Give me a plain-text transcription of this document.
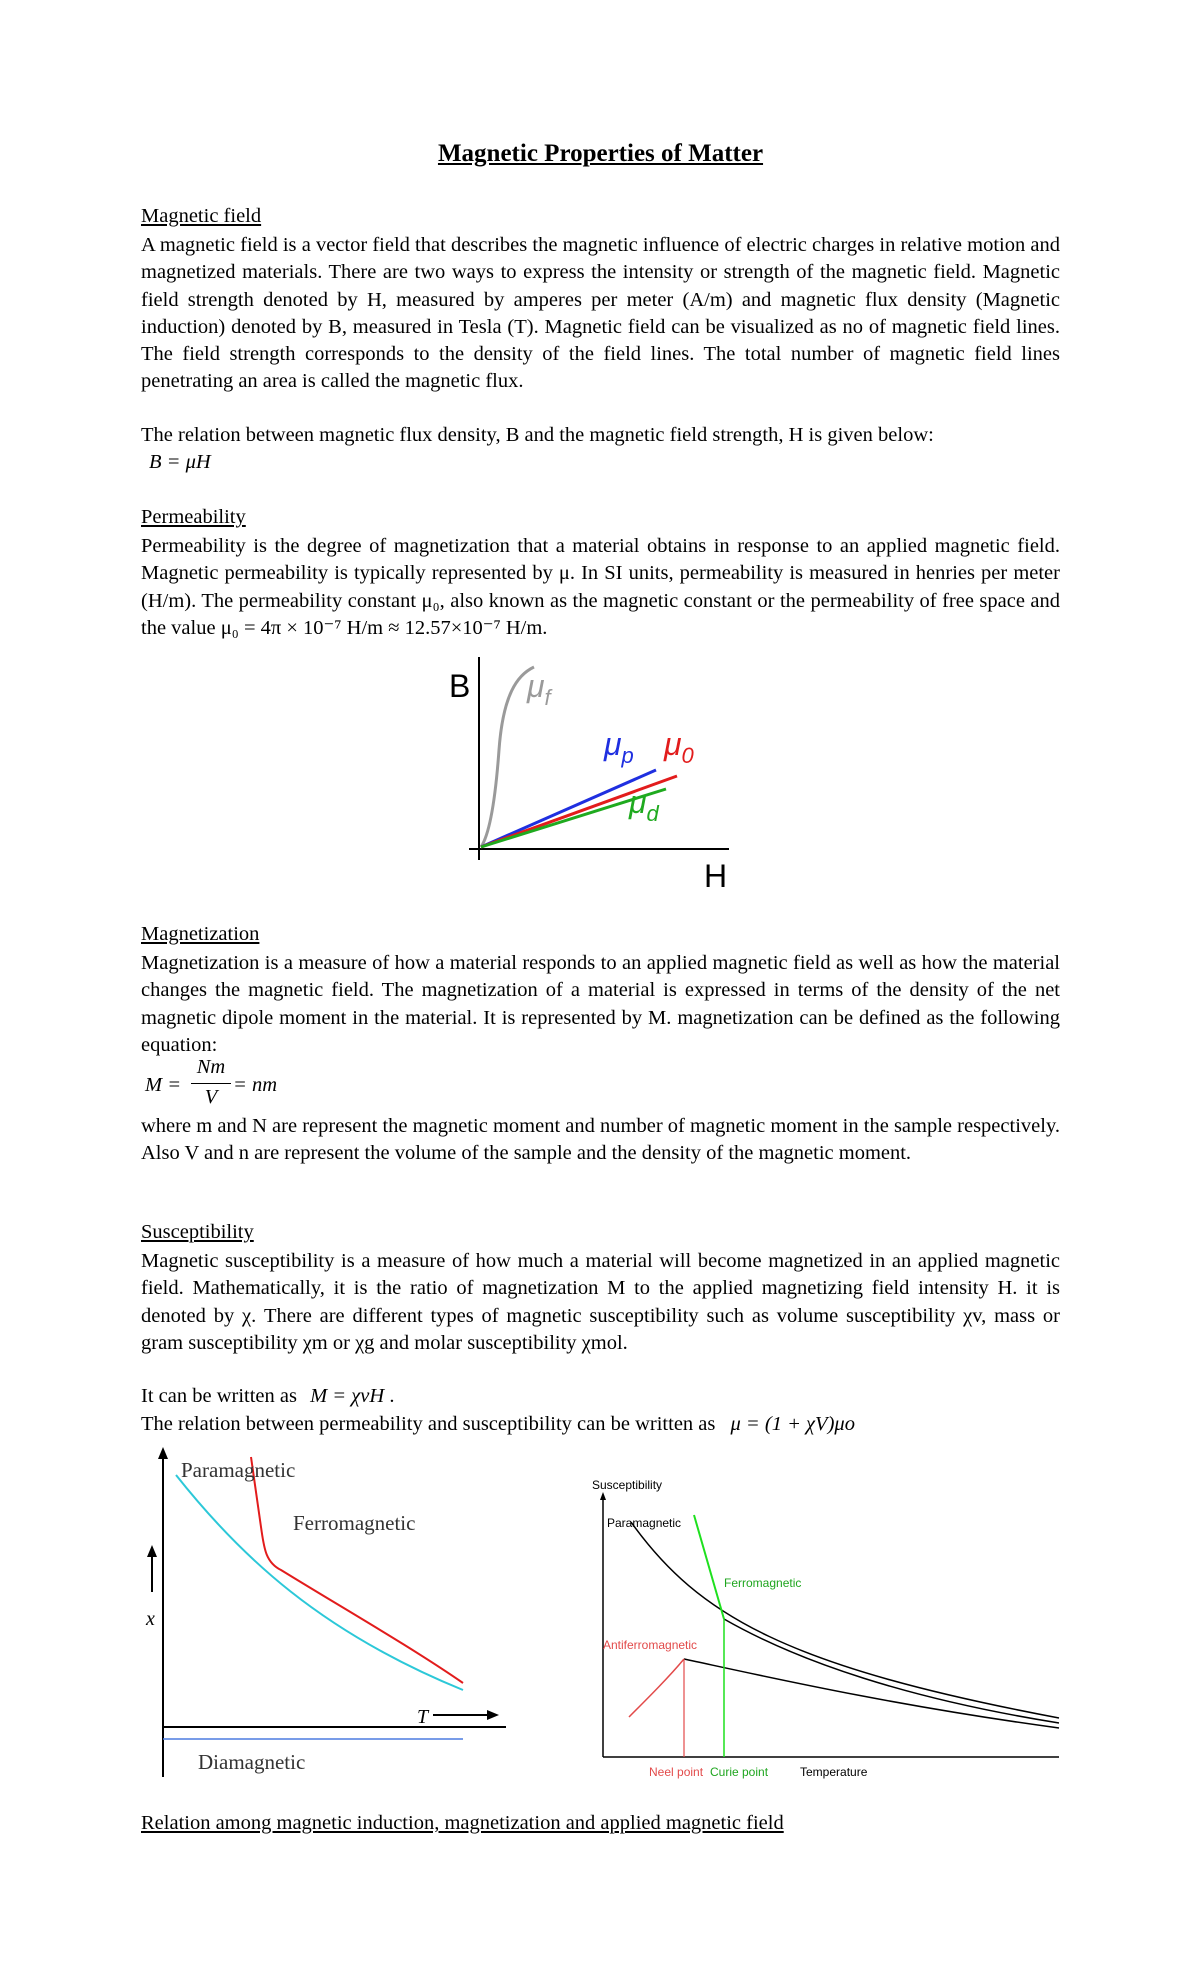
Magnetic Properties of Matter
Magnetic field

A magnetic field is a vector field that describes the magnetic influence of electric charges in relative motion and magnetized materials. There are two ways to express the intensity or strength of the magnetic field. Magnetic field strength denoted by H, measured by amperes per meter (A/m) and magnetic flux density (Magnetic induction) denoted by B, measured in Tesla (T). Magnetic field can be visualized as no of magnetic field lines. The field strength corresponds to the density of the field lines. The total number of magnetic field lines penetrating an area is called the magnetic flux.

The relation between magnetic flux density, B and the magnetic field strength, H is given below:
B = μH
Permeability

Permeability is the degree of magnetization that a material obtains in response to an applied magnetic field. Magnetic permeability is typically represented by μ. In SI units, permeability is measured in henries per meter (H/m). The permeability constant μ₀, also known as the magnetic constant or the permeability of free space and the value μ₀ = 4π × 10⁻⁷ H/m ≈ 12.57×10⁻⁷ H/m.

B
H
$\mu_f$
$\mu_p$ $\mu_0$
$\mu_d$
Magnetization

Magnetization is a measure of how a material responds to an applied magnetic field as well as how the material changes the magnetic field. The magnetization of a material is expressed in terms of the density of the net magnetic dipole moment in the material. It is represented by M. magnetization can be defined as the following equation:

M =
Nm
V
= nm

where m and N are represent the magnetic moment and number of magnetic moment in the sample respectively. Also V and n are represent the volume of the sample and the density of the magnetic moment.

Susceptibility

Magnetic susceptibility is a measure of how much a material will become magnetized in an applied magnetic field. Mathematically, it is the ratio of magnetization M to the applied magnetizing field intensity H. it is denoted by χ. There are different types of magnetic susceptibility such as volume susceptibility χv, mass or gram susceptibility χm or χg and molar susceptibility χmol.

It can be written as M = χvH .
The relation between permeability and susceptibility can be written as μ = (1 + χV)μo
x
T
Paramagnetic
Ferromagnetic
Diamagnetic
Susceptibility
Paramagnetic
Ferromagnetic
Antiferromagnetic
Neel point Curie point	Temperature
Relation among magnetic induction, magnetization and applied magnetic field
